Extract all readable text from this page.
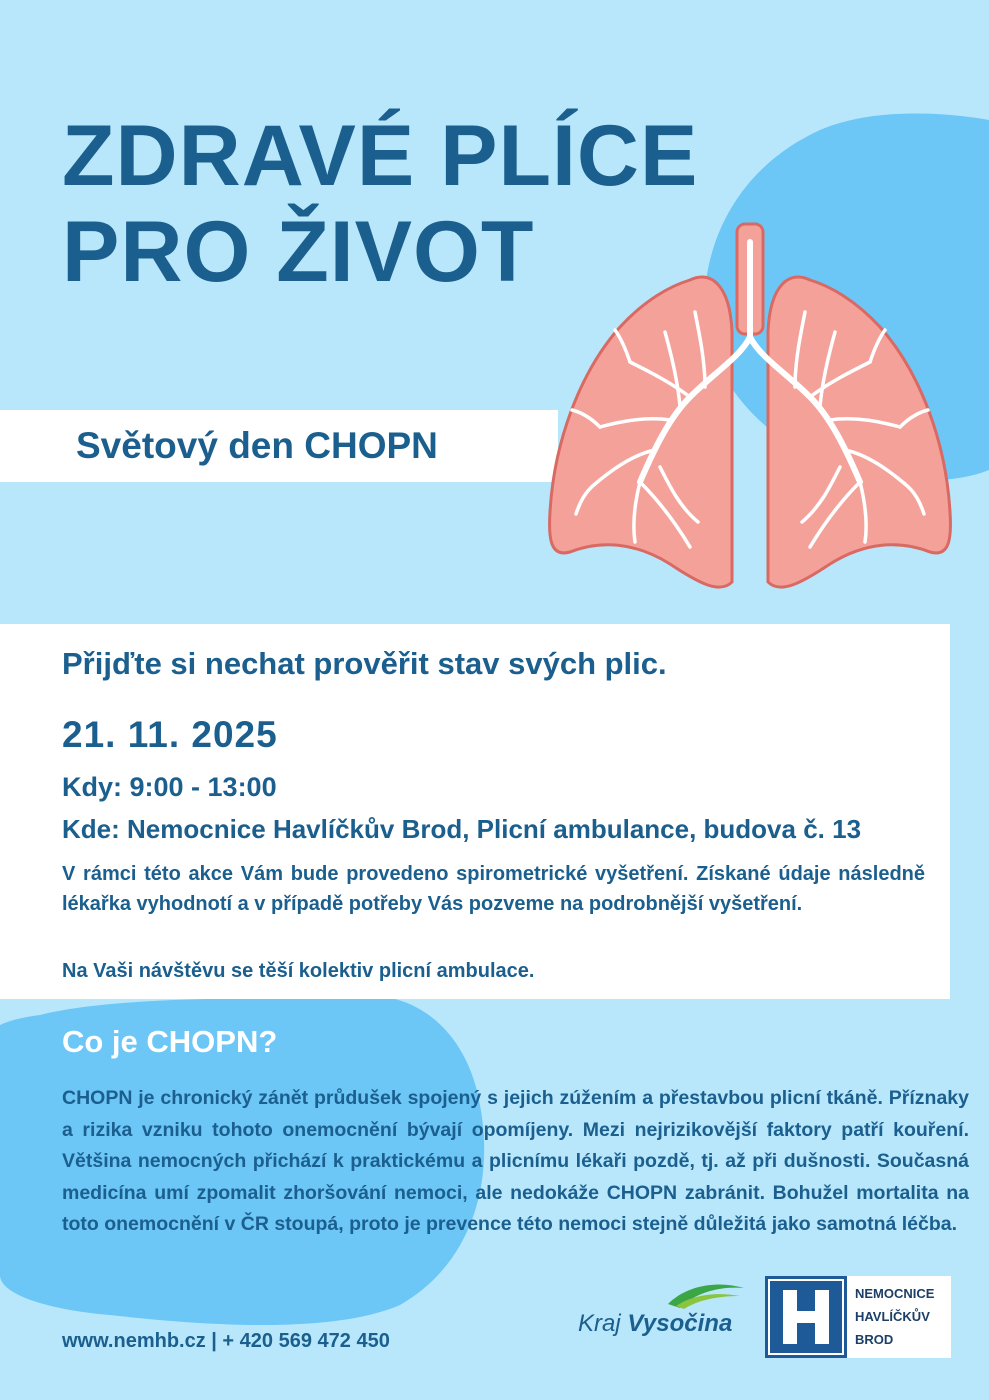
ZDRAVÉ PLÍCE
PRO ŽIVOT
Světový den CHOPN
Přijďte si nechat prověřit stav svých plic.
21. 11. 2025
Kdy: 9:00 - 13:00
Kde: Nemocnice Havlíčkův Brod, Plicní ambulance, budova č. 13

V rámci této akce Vám bude provedeno spirometrické vyšetření. Získané údaje následně lékařka vyhodnotí a v případě potřeby Vás pozveme na podrobnější vyšetření.

Na Vaši návštěvu se těší kolektiv plicní ambulace.

Co je CHOPN?

CHOPN je chronický zánět průdušek spojený s jejich zúžením a přestavbou plicní tkáně. Příznaky a rizika vzniku tohoto onemocnění bývají opomíjeny. Mezi nejrizikovější faktory patří kouření. Většina nemocných přichází k praktickému a plicnímu lékaři pozdě, tj. až při dušnosti. Současná medicína umí zpomalit zhoršování nemoci, ale nedokáže CHOPN zabránit. Bohužel mortalita na toto onemocnění v ČR stoupá, proto je prevence této nemoci stejně důležitá jako samotná léčba.

www.nemhb.cz | + 420 569 472 450
Kraj Vysočina

NEMOCNICE
HAVLÍČKŮV
BROD
